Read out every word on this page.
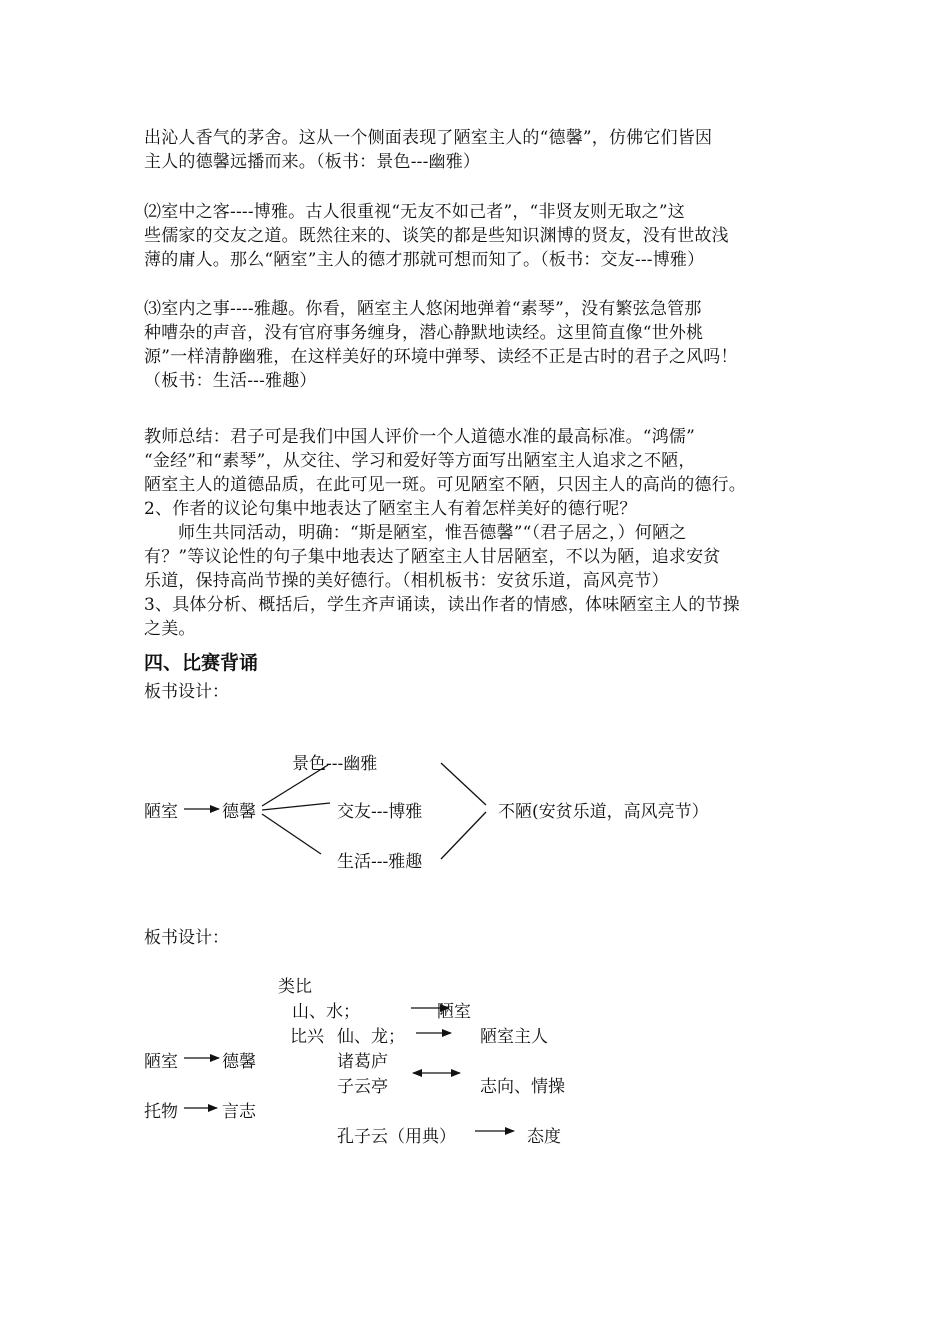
出沁人香气的茅舍。这从一个侧面表现了陋室主人的“德馨”，仿佛它们皆因
主人的德馨远播而来。（板书：景色---幽雅）
⑵室中之客----博雅。古人很重视“无友不如己者”，“非贤友则无取之”这
些儒家的交友之道。既然往来的、谈笑的都是些知识渊博的贤友，没有世故浅
薄的庸人。那么“陋室”主人的德才那就可想而知了。（板书：交友---博雅）
⑶室内之事----雅趣。你看，陋室主人悠闲地弹着“素琴”，没有繁弦急管那
种嘈杂的声音，没有官府事务缠身，潜心静默地读经。这里简直像“世外桃
源”一样清静幽雅，在这样美好的环境中弹琴、读经不正是古时的君子之风吗！
（板书：生活---雅趣）
教师总结：君子可是我们中国人评价一个人道德水准的最高标准。“鸿儒”
“金经”和“素琴”，从交往、学习和爱好等方面写出陋室主人追求之不陋，
陋室主人的道德品质，在此可见一斑。可见陋室不陋，只因主人的高尚的德行。
2、作者的议论句集中地表达了陋室主人有着怎样美好的德行呢？
师生共同活动，明确：“斯是陋室，惟吾德馨”“（君子居之，）何陋之
有？”等议论性的句子集中地表达了陋室主人甘居陋室，不以为陋，追求安贫
乐道，保持高尚节操的美好德行。（相机板书：安贫乐道，高风亮节）
3、具体分析、概括后，学生齐声诵读，读出作者的情感，体味陋室主人的节操
之美。
四、比赛背诵
板书设计：
景色---幽雅
陋室	德馨	交友---博雅	不陋(安贫乐道，高风亮节）
生活---雅趣
板书设计：
类比
山、水；	陋室
比兴 仙、龙；	陋室主人
陋室	德馨	诸葛庐
子云亭	志向、情操
托物	言志
孔子云（用典）	态度
